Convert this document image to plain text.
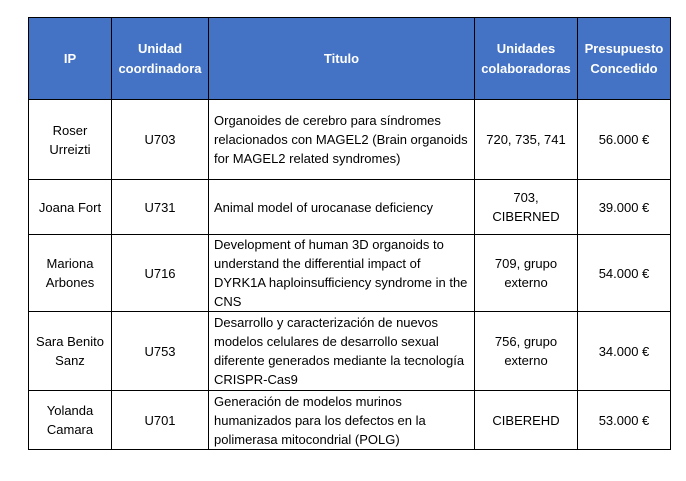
IP	Unidad coordinadora	Titulo	Unidades colaboradoras	Presupuesto Concedido
Roser Urreizti	U703	Organoides de cerebro para síndromes relacionados con MAGEL2 (Brain organoids for MAGEL2 related syndromes)	720, 735, 741	56.000 €
Joana Fort	U731	Animal model of urocanase deficiency	703, CIBERNED	39.000 €
Mariona Arbones	U716	Development of human 3D organoids to understand the differential impact of DYRK1A haploinsufficiency syndrome in the CNS	709, grupo externo	54.000 €
Sara Benito Sanz	U753	Desarrollo y caracterización de nuevos modelos celulares de desarrollo sexual diferente generados mediante la tecnología CRISPR-Cas9	756, grupo externo	34.000 €
Yolanda Camara	U701	Generación de modelos murinos humanizados para los defectos en la polimerasa mitocondrial (POLG)	CIBEREHD	53.000 €
